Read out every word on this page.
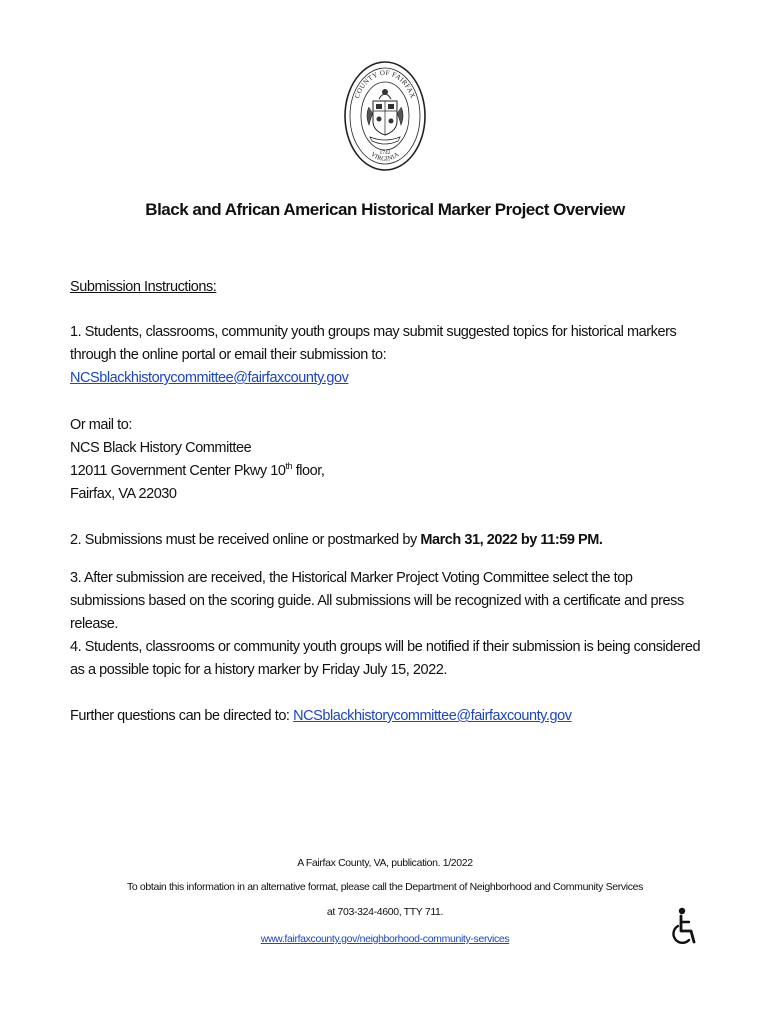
COUNTY OF FAIRFAX
VIRGINIA
1742
Black and African American Historical Marker Project Overview
Submission Instructions:
1. Students, classrooms, community youth groups may submit suggested topics for historical markers through the online portal or email their submission to:
NCSblackhistorycommittee@fairfaxcounty.gov
Or mail to:
NCS Black History Committee
12011 Government Center Pkwy 10th floor,
Fairfax, VA 22030
2. Submissions must be received online or postmarked by March 31, 2022 by 11:59 PM.
3. After submission are received, the Historical Marker Project Voting Committee select the top submissions based on the scoring guide. All submissions will be recognized with a certificate and press release.
4. Students, classrooms or community youth groups will be notified if their submission is being considered as a possible topic for a history marker by Friday July 15, 2022.
Further questions can be directed to: NCSblackhistorycommittee@fairfaxcounty.gov
A Fairfax County, VA, publication. 1/2022
To obtain this information in an alternative format, please call the Department of Neighborhood and Community Services
at 703-324-4600, TTY 711.
www.fairfaxcounty.gov/neighborhood-community-services
